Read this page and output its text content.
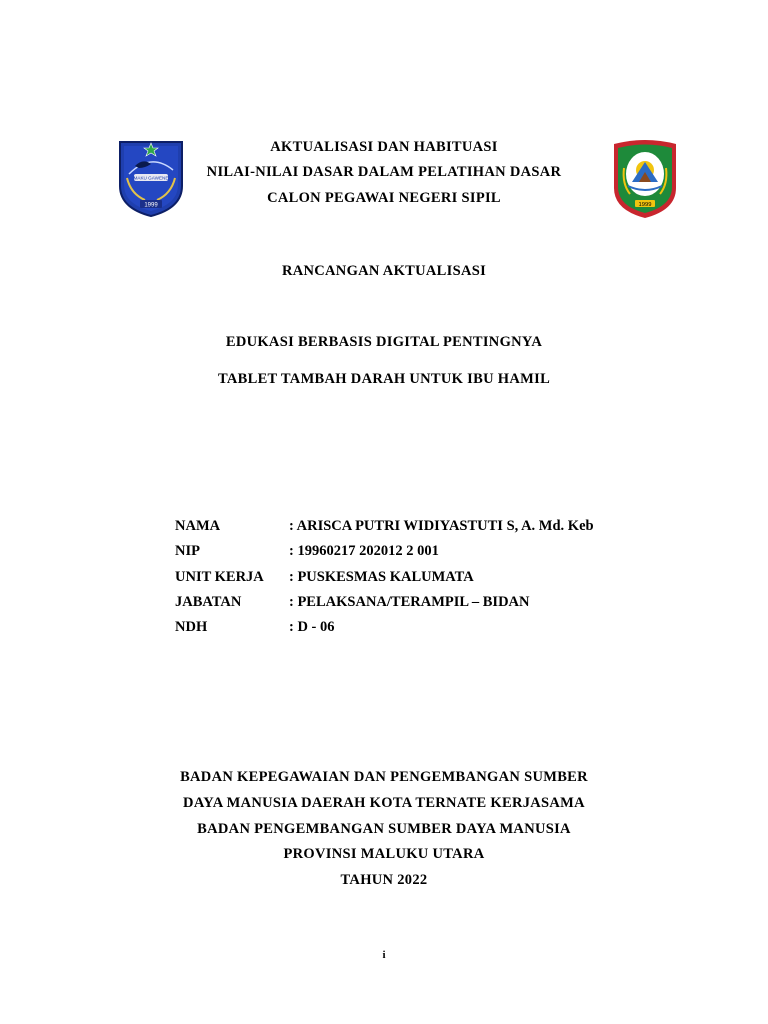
MAKU GAWENE
1999	1999
AKTUALISASI DAN HABITUASI
NILAI-NILAI DASAR DALAM PELATIHAN DASAR
CALON PEGAWAI NEGERI SIPIL
RANCANGAN AKTUALISASI
EDUKASI BERBASIS DIGITAL PENTINGNYA
TABLET TAMBAH DARAH UNTUK IBU HAMIL
NAMA	: ARISCA PUTRI WIDIYASTUTI S, A. Md. Keb
NIP	: 19960217 202012 2 001
UNIT KERJA : PUSKESMAS KALUMATA
JABATAN	: PELAKSANA/TERAMPIL – BIDAN
NDH	: D - 06
BADAN KEPEGAWAIAN DAN PENGEMBANGAN SUMBER
DAYA MANUSIA DAERAH KOTA TERNATE KERJASAMA
BADAN PENGEMBANGAN SUMBER DAYA MANUSIA
PROVINSI MALUKU UTARA
TAHUN 2022
i
